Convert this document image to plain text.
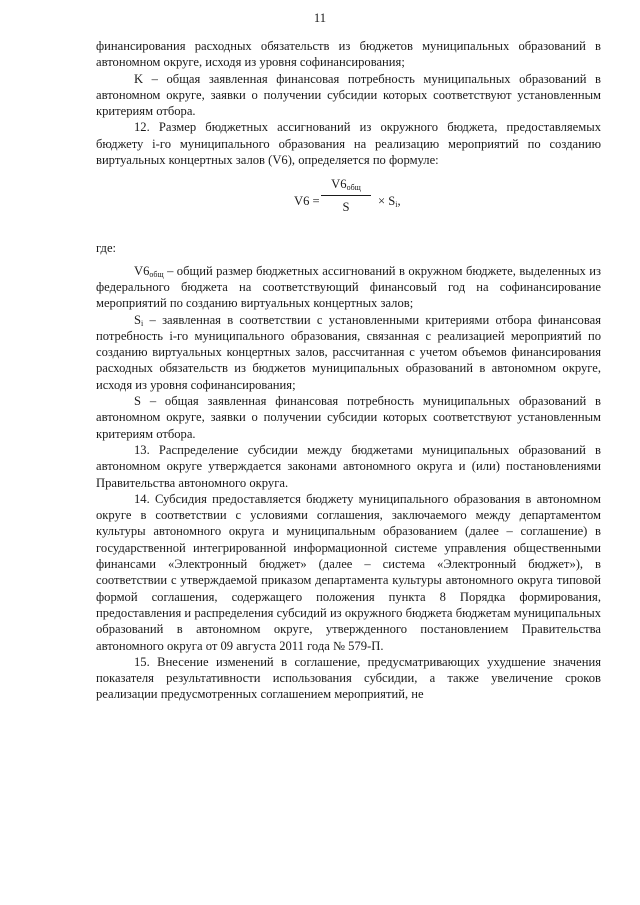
11

финансирования расходных обязательств из бюджетов муниципальных образований в автономном округе, исходя из уровня софинансирования;

K – общая заявленная финансовая потребность муниципальных образований в автономном округе, заявки о получении субсидии которых соответствуют установленным критериям отбора.

12. Размер бюджетных ассигнований из окружного бюджета, предоставляемых бюджету i-го муниципального образования на реализацию мероприятий по созданию виртуальных концертных залов (V6), определяется по формуле:

V6 =
$V6_{общ}$
S	× $S_i$,

где:

$V6_{общ}$ – общий размер бюджетных ассигнований в окружном бюджете, выделенных из федерального бюджета на соответствующий финансовый год на софинансирование мероприятий по созданию виртуальных концертных залов;

$S_i$ – заявленная в соответствии с установленными критериями отбора финансовая потребность i-го муниципального образования, связанная с реализацией мероприятий по созданию виртуальных концертных залов, рассчитанная с учетом объемов финансирования расходных обязательств из бюджетов муниципальных образований в автономном округе, исходя из уровня софинансирования;

S – общая заявленная финансовая потребность муниципальных образований в автономном округе, заявки о получении субсидии которых соответствуют установленным критериям отбора.

13. Распределение субсидии между бюджетами муниципальных образований в автономном округе утверждается законами автономного округа и (или) постановлениями Правительства автономного округа.

14. Субсидия предоставляется бюджету муниципального образования в автономном округе в соответствии с условиями соглашения, заключаемого между департаментом культуры автономного округа и муниципальным образованием (далее – соглашение) в государственной интегрированной информационной системе управления общественными финансами «Электронный бюджет» (далее – система «Электронный бюджет»), в соответствии с утверждаемой приказом департамента культуры автономного округа типовой формой соглашения, содержащего положения пункта 8 Порядка формирования, предоставления и распределения субсидий из окружного бюджета бюджетам муниципальных образований в автономном округе, утвержденного постановлением Правительства автономного округа от 09 августа 2011 года № 579-П.

15. Внесение изменений в соглашение, предусматривающих ухудшение значения показателя результативности использования субсидии, а также увеличение сроков реализации предусмотренных соглашением мероприятий, не
